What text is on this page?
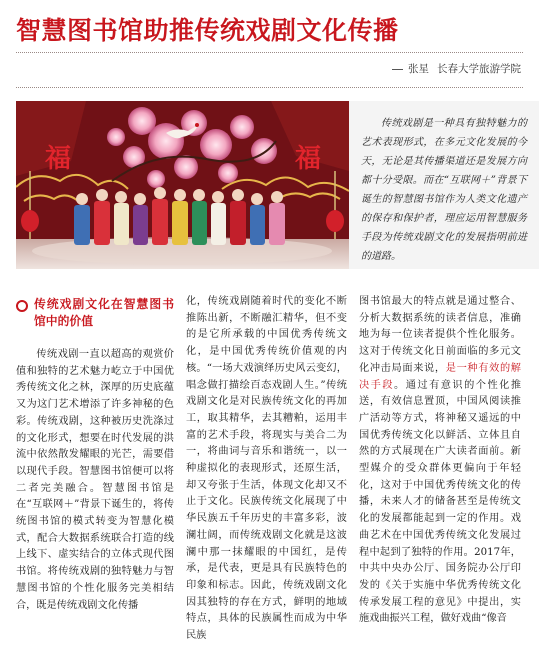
智慧图书馆助推传统戏剧文化传播
张星 长春大学旅游学院
福	福

传统戏剧是一种具有独特魅力的艺术表现形式，在多元文化发展的今天，无论是其传播渠道还是发展方向都十分受限。而在“互联网＋”背景下诞生的智慧图书馆作为人类文化遗产的保存和保护者，理应运用智慧服务手段为传统戏剧文化的发展指明前进的道路。

传统戏剧文化在智慧图书馆中的价值

传统戏剧一直以超高的观赏价值和独特的艺术魅力屹立于中国优秀传统文化之林，深厚的历史底蕴又为这门艺术增添了许多神秘的色彩。传统戏剧，这种被历史洗涤过的文化形式，想要在时代发展的洪流中依然散发耀眼的光芒，需要借以现代手段。智慧图书馆便可以将二者完美融合。智慧图书馆是在“互联网＋”背景下诞生的，将传统图书馆的模式转变为智慧化模式，配合大数据系统联合打造的线上线下、虚实结合的立体式现代图书馆。将传统戏剧的独特魅力与智慧图书馆的个性化服务完美相结合，既是传统戏剧文化传播

化，传统戏剧随着时代的变化不断推陈出新，不断融汇精华，但不变的是它所承载的中国优秀传统文化，是中国优秀传统价值观的内核。“一场大戏演绎历史风云变幻，唱念做打描绘百态戏剧人生。”传统戏剧文化是对民族传统文化的再加工，取其精华，去其糟粕，运用丰富的艺术手段，将现实与美合二为一，将曲词与音乐和谐统一，以一种虚拟化的表现形式，还原生活，却又夸张于生活，体现文化却又不止于文化。民族传统文化展现了中华民族五千年历史的丰富多彩，波澜壮阔，而传统戏剧文化就是这波澜中那一抹耀眼的中国红，是传承，是代表，更是具有民族特色的印象和标志。因此，传统戏剧文化因其独特的存在方式，鲜明的地域特点，具体的民族属性而成为中华民族

图书馆最大的特点就是通过整合、分析大数据系统的读者信息，准确地为每一位读者提供个性化服务。这对于传统文化日前面临的多元文化冲击局面来说，是一种有效的解决手段。通过有意识的个性化推送，有效信息置顶，中国风阅读推广活动等方式，将神秘又遥远的中国优秀传统文化以鲜活、立体且自然的方式展现在广大读者面前。新型媒介的受众群体更偏向于年轻化，这对于中国优秀传统文化的传播，未来人才的储备甚至是传统文化的发展都能起到一定的作用。戏曲艺术在中国优秀传统文化发展过程中起到了独特的作用。2017年，中共中央办公厅、国务院办公厅印发的《关于实施中华优秀传统文化传承发展工程的意见》中提出，实施戏曲振兴工程，做好戏曲“像音
